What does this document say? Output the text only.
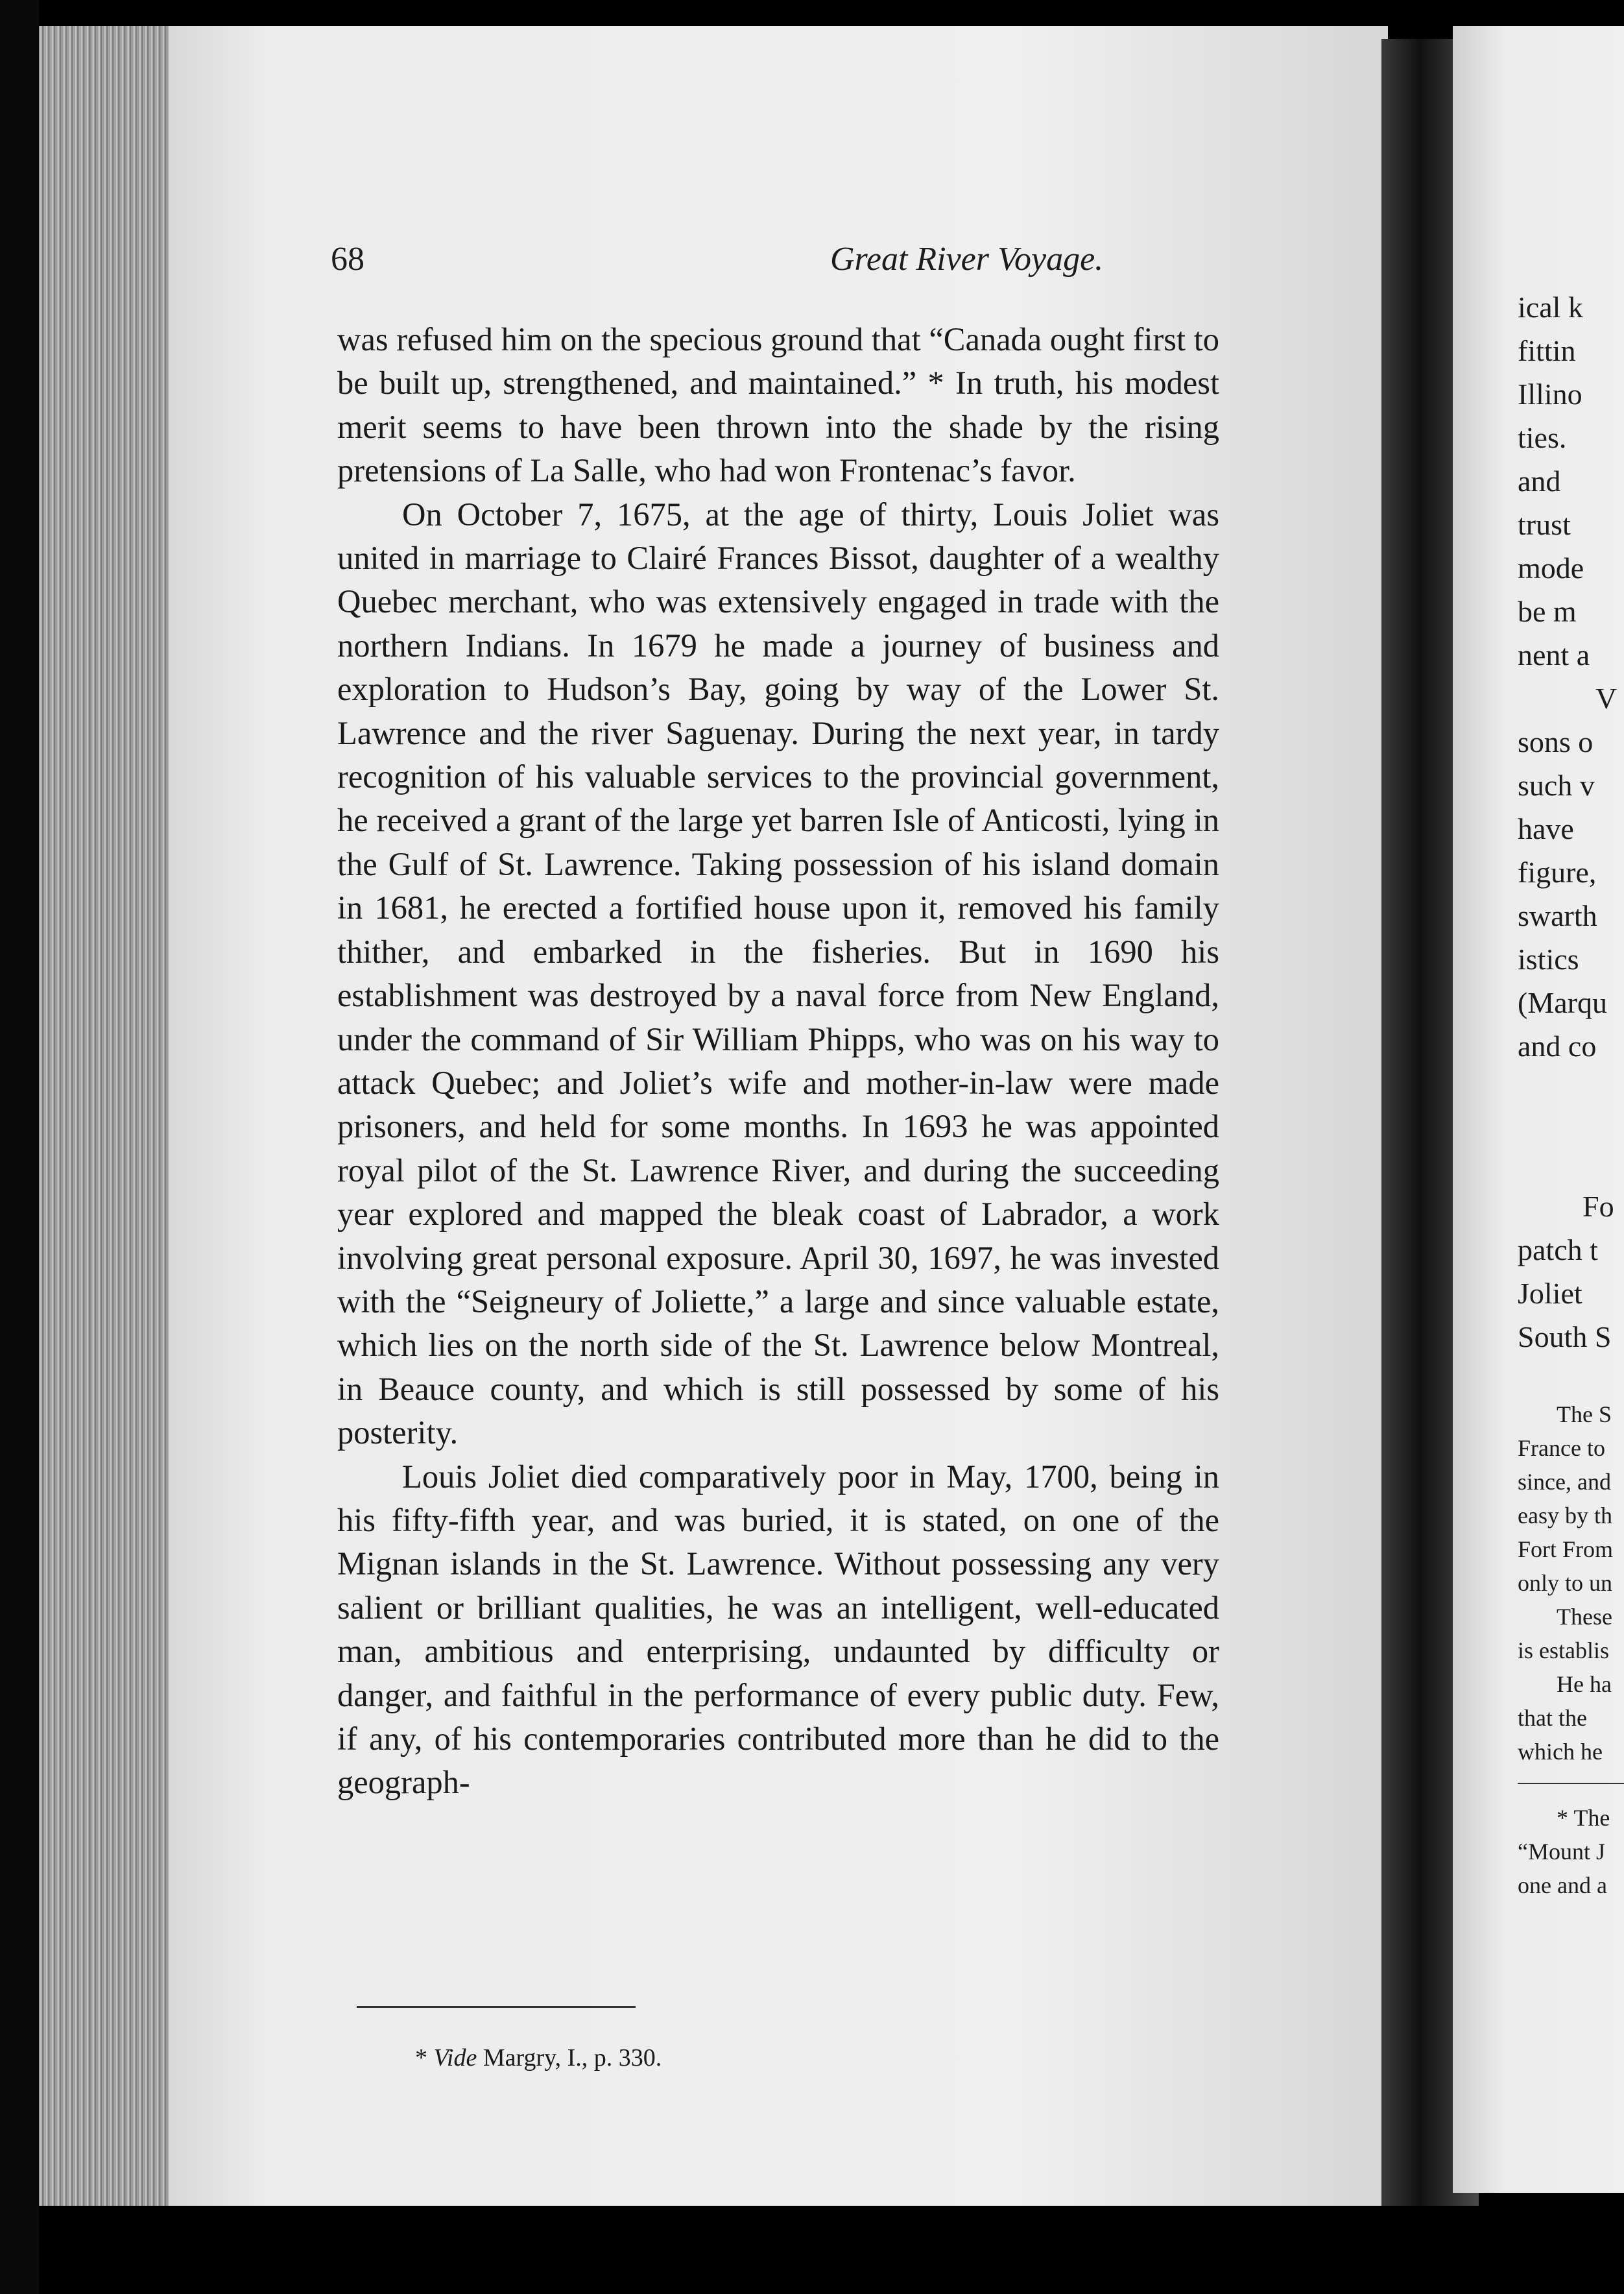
68	Great River Voyage.

was refused him on the specious ground that “Canada ought first to be built up, strengthened, and maintained.” * In truth, his modest merit seems to have been thrown into the shade by the rising pretensions of La Salle, who had won Frontenac’s favor.

On October 7, 1675, at the age of thirty, Louis Joliet was united in marriage to Clairé Frances Bissot, daughter of a wealthy Quebec merchant, who was extensively engaged in trade with the northern Indians. In 1679 he made a journey of business and exploration to Hudson’s Bay, going by way of the Lower St. Lawrence and the river Saguenay. During the next year, in tardy recognition of his valuable services to the provincial government, he received a grant of the large yet barren Isle of Anticosti, lying in the Gulf of St. Lawrence. Taking possession of his island domain in 1681, he erected a fortified house upon it, removed his family thither, and embarked in the fisheries. But in 1690 his establishment was destroyed by a naval force from New England, under the command of Sir William Phipps, who was on his way to attack Quebec; and Joliet’s wife and mother-in-law were made prisoners, and held for some months. In 1693 he was appointed royal pilot of the St. Lawrence River, and during the succeeding year explored and mapped the bleak coast of Labrador, a work involving great personal exposure. April 30, 1697, he was invested with the “Seigneury of Joliette,” a large and since valuable estate, which lies on the north side of the St. Lawrence below Montreal, in Beauce county, and which is still possessed by some of his posterity.

Louis Joliet died comparatively poor in May, 1700, being in his fifty-fifth year, and was buried, it is stated, on one of the Mignan islands in the St. Lawrence. Without possessing any very salient or brilliant qualities, he was an intelligent, well-educated man, ambitious and enterprising, undaunted by difficulty or danger, and faithful in the performance of every public duty. Few, if any, of his contemporaries contributed more than he did to the geograph-

* Vide Margry, I., p. 330.
ical k
fittin
Illino
ties.
and
trust
mode
be m
nent a
V
sons o
such v
have
figure,
swarth
istics
(Marqu
and co
Fo
patch t
Joliet
South S
The S
France to
since, and
easy by th
Fort From
only to un
These
is establis
He ha
that the
which he
* The
“Mount J
one and a
